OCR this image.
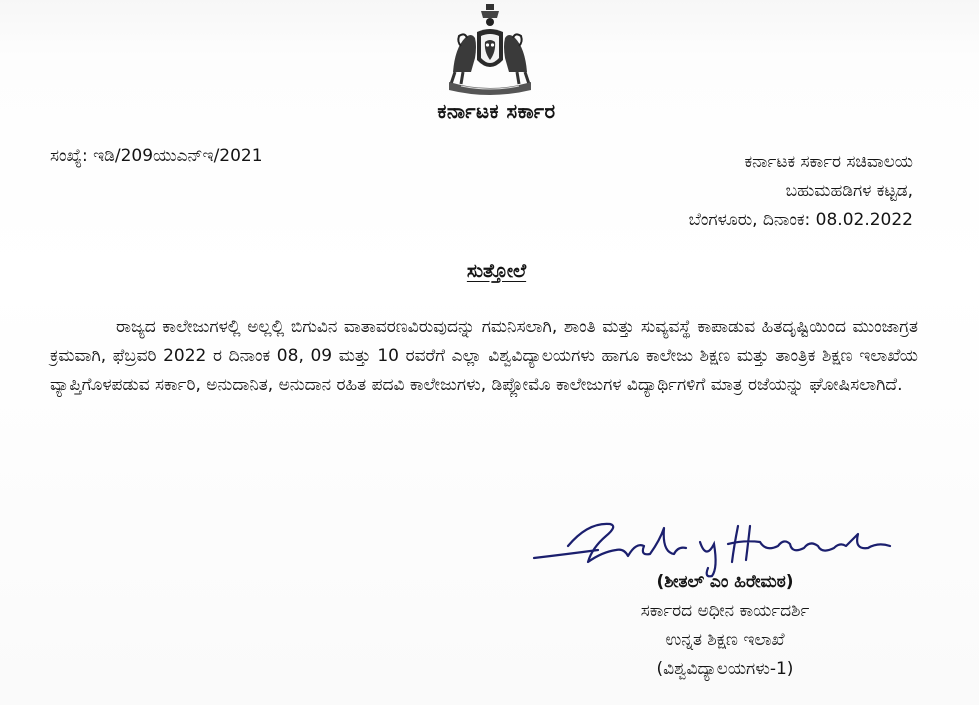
ಕರ್ನಾಟಕ ಸರ್ಕಾರ
ಸಂಖ್ಯೆ: ಇಡಿ/209ಯುಎನ್ಇ/2021	ಕರ್ನಾಟಕ ಸರ್ಕಾರ ಸಚಿವಾಲಯ
ಬಹುಮಹಡಿಗಳ ಕಟ್ಟಡ,
ಬೆಂಗಳೂರು, ದಿನಾಂಕ: 08.02.2022
ಸುತ್ತೋಲೆ

ರಾಜ್ಯದ ಕಾಲೇಜುಗಳಲ್ಲಿ ಅಲ್ಲಲ್ಲಿ ಬಿಗುವಿನ ವಾತಾವರಣವಿರುವುದನ್ನು ಗಮನಿಸಲಾಗಿ, ಶಾಂತಿ ಮತ್ತು ಸುವ್ಯವಸ್ಥೆ ಕಾಪಾಡುವ ಹಿತದೃಷ್ಟಿಯಿಂದ ಮುಂಜಾಗ್ರತ ಕ್ರಮವಾಗಿ, ಫೆಬ್ರವರಿ 2022 ರ ದಿನಾಂಕ 08, 09 ಮತ್ತು 10 ರವರೆಗೆ ಎಲ್ಲಾ ವಿಶ್ವವಿದ್ಯಾಲಯಗಳು ಹಾಗೂ ಕಾಲೇಜು ಶಿಕ್ಷಣ ಮತ್ತು ತಾಂತ್ರಿಕ ಶಿಕ್ಷಣ ಇಲಾಖೆಯ ವ್ಯಾಪ್ತಿಗೊಳಪಡುವ ಸರ್ಕಾರಿ, ಅನುದಾನಿತ, ಅನುದಾನ ರಹಿತ ಪದವಿ ಕಾಲೇಜುಗಳು, ಡಿಪ್ಲೋಮೊ ಕಾಲೇಜುಗಳ ವಿದ್ಯಾರ್ಥಿಗಳಿಗೆ ಮಾತ್ರ ರಜೆಯನ್ನು ಘೋಷಿಸಲಾಗಿದೆ.

(ಶೀತಲ್ ಎಂ ಹಿರೇಮಠ)
ಸರ್ಕಾರದ ಅಧೀನ ಕಾರ್ಯದರ್ಶಿ
ಉನ್ನತ ಶಿಕ್ಷಣ ಇಲಾಖೆ
(ವಿಶ್ವವಿದ್ಯಾಲಯಗಳು-1)
